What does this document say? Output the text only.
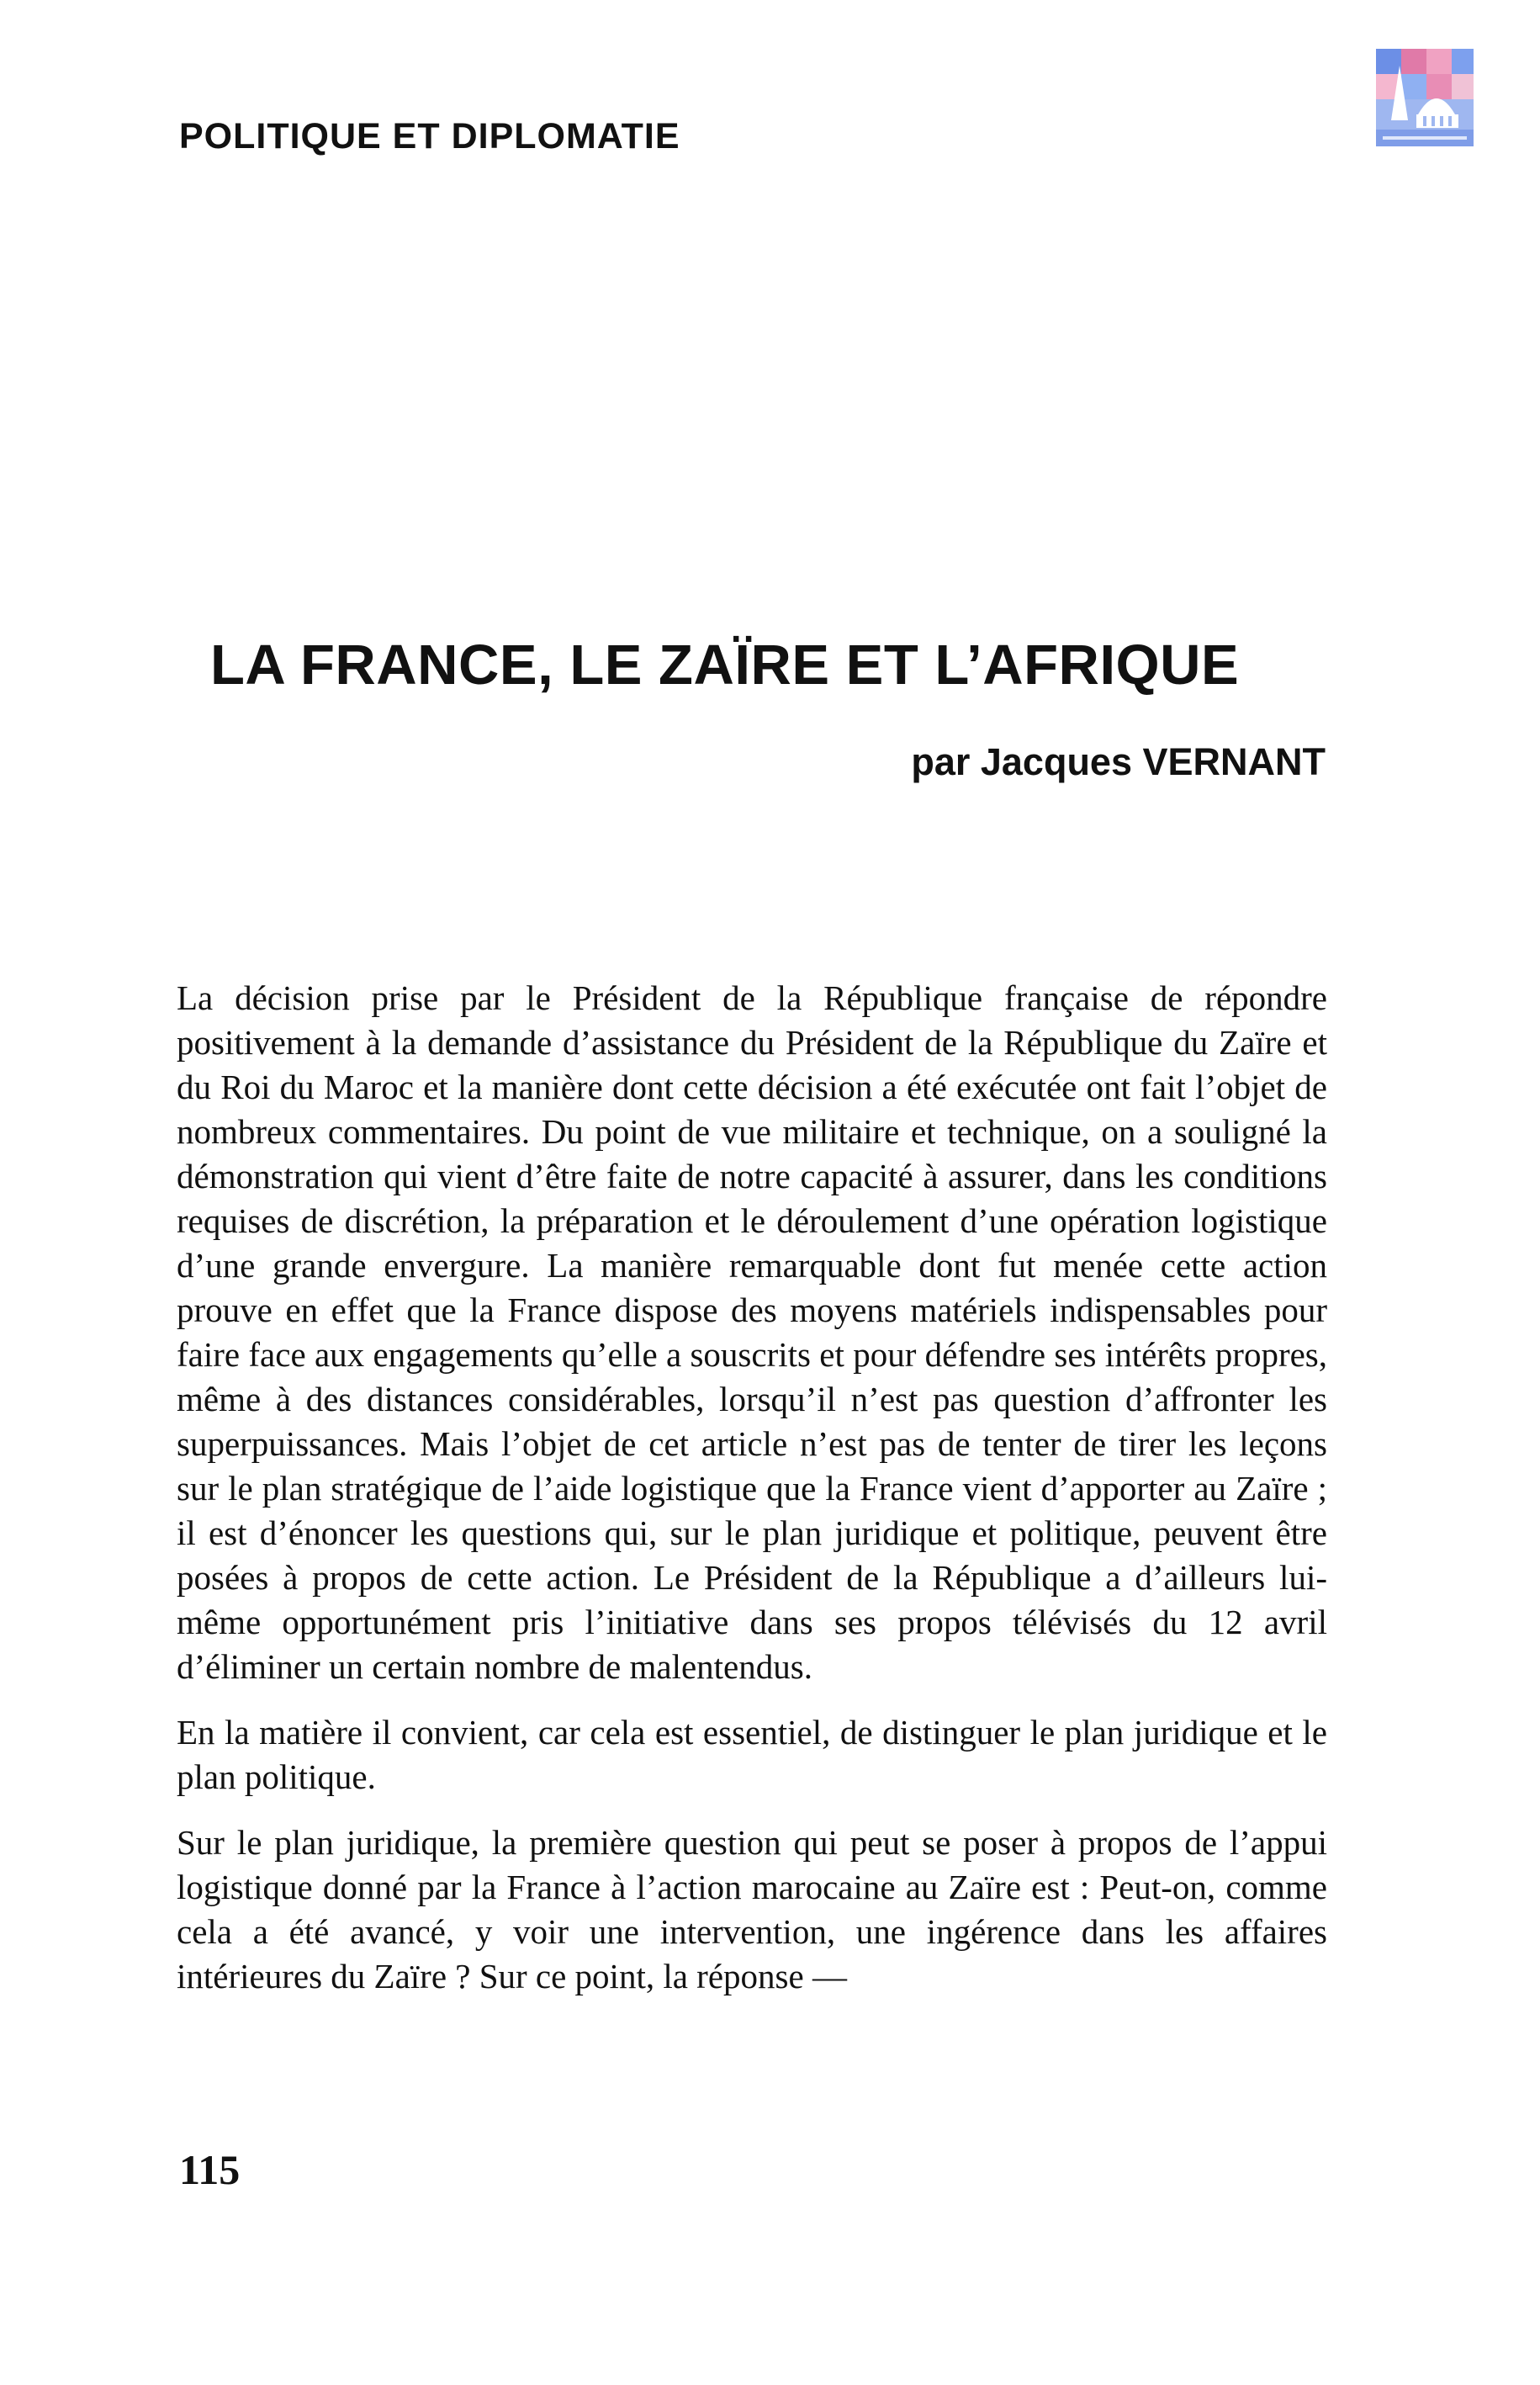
POLITIQUE ET DIPLOMATIE
LA FRANCE, LE ZAÏRE ET L’AFRIQUE
par Jacques VERNANT

La décision prise par le Président de la République française de répondre positivement à la demande d’assistance du Président de la République du Zaïre et du Roi du Maroc et la manière dont cette décision a été exécutée ont fait l’objet de nombreux commentaires. Du point de vue militaire et technique, on a souligné la démonstration qui vient d’être faite de notre capacité à assurer, dans les conditions requises de discrétion, la préparation et le déroulement d’une opération logistique d’une grande envergure. La manière remarquable dont fut menée cette action prouve en effet que la France dispose des moyens matériels indispensables pour faire face aux engagements qu’elle a souscrits et pour défendre ses intérêts propres, même à des distances considérables, lorsqu’il n’est pas question d’affronter les superpuissances. Mais l’objet de cet article n’est pas de tenter de tirer les leçons sur le plan stratégique de l’aide logistique que la France vient d’apporter au Zaïre ; il est d’énoncer les questions qui, sur le plan juridique et politique, peuvent être posées à propos de cette action. Le Président de la République a d’ailleurs lui-même opportunément pris l’initiative dans ses propos télévisés du 12 avril d’éliminer un certain nombre de malentendus.

En la matière il convient, car cela est essentiel, de distinguer le plan juridique et le plan politique.

Sur le plan juridique, la première question qui peut se poser à propos de l’appui logistique donné par la France à l’action marocaine au Zaïre est : Peut-on, comme cela a été avancé, y voir une intervention, une ingérence dans les affaires intérieures du Zaïre ? Sur ce point, la réponse —

115
